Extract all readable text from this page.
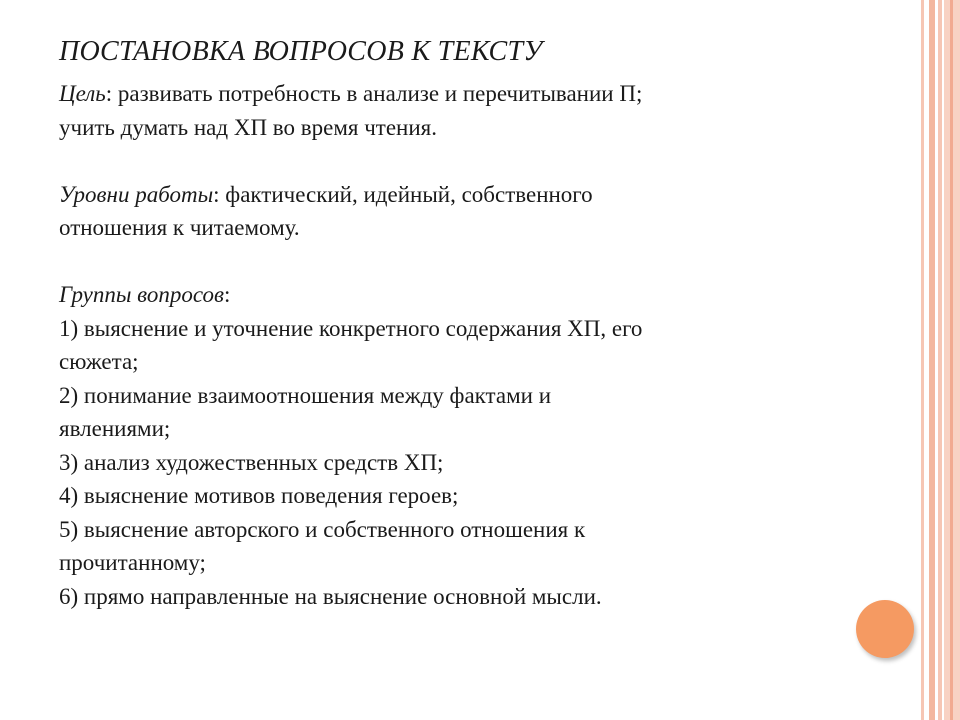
ПОСТАНОВКА ВОПРОСОВ К ТЕКСТУ
Цель: развивать потребность в анализе и перечитывании П;
учить думать над ХП во время чтения.
Уровни работы: фактический, идейный, собственного
отношения к читаемому.
Группы вопросов:
1) выяснение и уточнение конкретного содержания ХП, его
сюжета;
2) понимание взаимоотношения между фактами и
явлениями;
3) анализ художественных средств ХП;
4) выяснение мотивов поведения героев;
5) выяснение авторского и собственного отношения к
прочитанному;
6) прямо направленные на выяснение основной мысли.
